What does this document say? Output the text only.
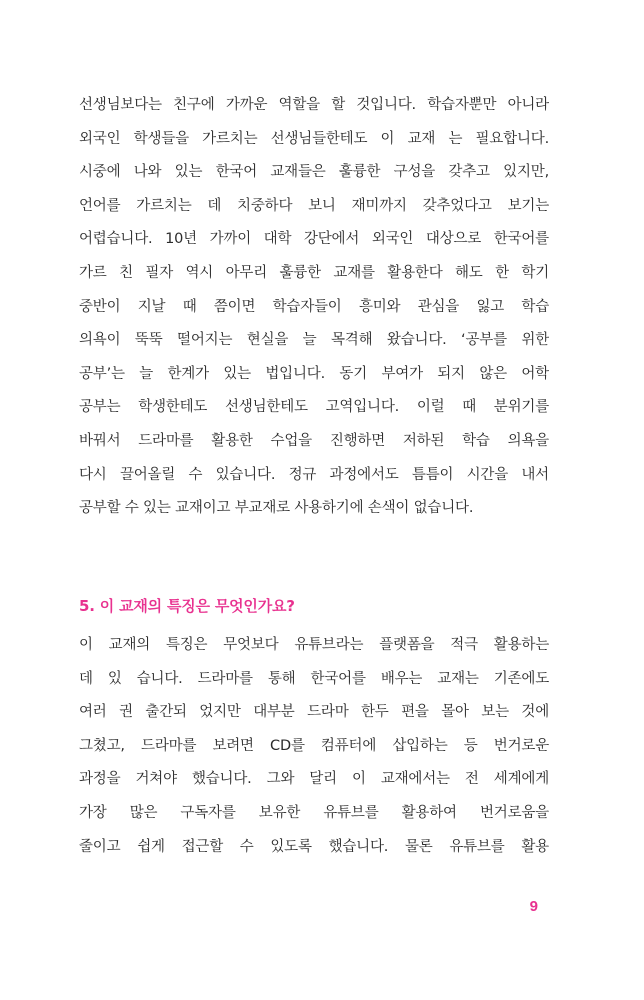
선생님보다는 친구에 가까운 역할을 할 것입니다. 학습자뿐만 아니라
외국인 학생들을 가르치는 선생님들한테도 이 교재 는 필요합니다.
시중에 나와 있는 한국어 교재들은 훌륭한 구성을 갖추고 있지만,
언어를 가르치는 데 치중하다 보니 재미까지 갖추었다고 보기는
어렵습니다. 10년 가까이 대학 강단에서 외국인 대상으로 한국어를
가르 친 필자 역시 아무리 훌륭한 교재를 활용한다 해도 한 학기
중반이 지날 때 쯤이면 학습자들이 흥미와 관심을 잃고 학습
의욕이 뚝뚝 떨어지는 현실을 늘 목격해 왔습니다. ‘공부를 위한
공부’는 늘 한계가 있는 법입니다. 동기 부여가 되지 않은 어학
공부는 학생한테도 선생님한테도 고역입니다. 이럴 때 분위기를
바꿔서 드라마를 활용한 수업을 진행하면 저하된 학습 의욕을
다시 끌어올릴 수 있습니다. 정규 과정에서도 틈틈이 시간을 내서
공부할 수 있는 교재이고 부교재로 사용하기에 손색이 없습니다.
5. 이 교재의 특징은 무엇인가요?
이 교재의 특징은 무엇보다 유튜브라는 플랫폼을 적극 활용하는
데 있 습니다. 드라마를 통해 한국어를 배우는 교재는 기존에도
여러 권 출간되 었지만 대부분 드라마 한두 편을 몰아 보는 것에
그쳤고, 드라마를 보려면 CD를 컴퓨터에 삽입하는 등 번거로운
과정을 거쳐야 했습니다. 그와 달리 이 교재에서는 전 세계에게
가장 많은 구독자를 보유한 유튜브를 활용하여 번거로움을
줄이고 쉽게 접근할 수 있도록 했습니다. 물론 유튜브를 활용
9
